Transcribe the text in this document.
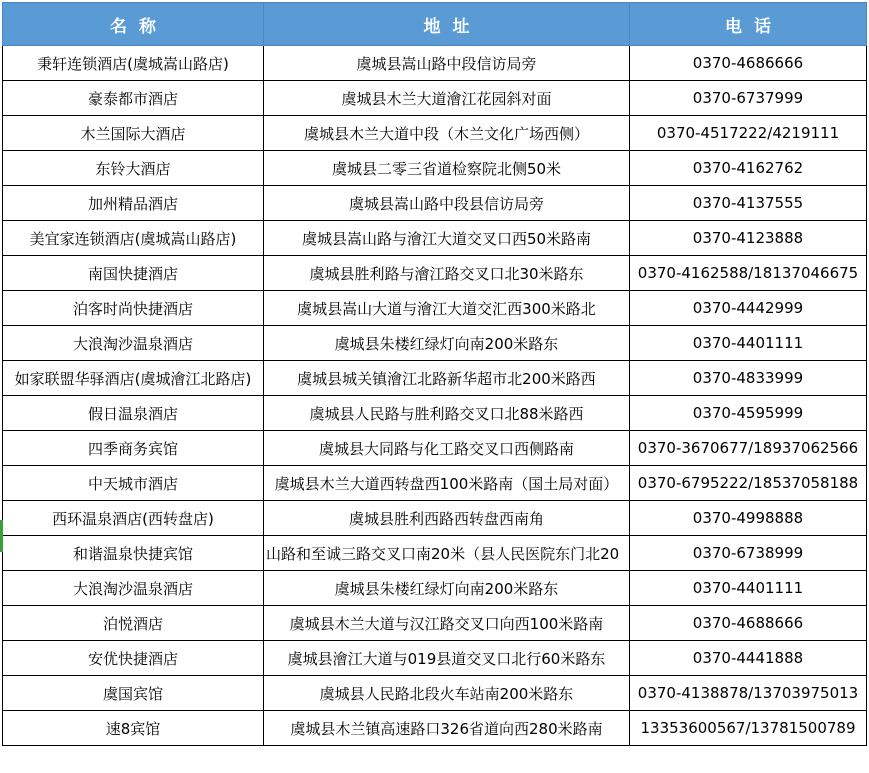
名称	地址	电话
秉轩连锁酒店(虞城嵩山路店)	虞城县嵩山路中段信访局旁	0370-4686666
豪泰都市酒店	虞城县木兰大道澮江花园斜对面	0370-6737999
木兰国际大酒店	虞城县木兰大道中段（木兰文化广场西侧）	0370-4517222/4219111
东铃大酒店	虞城县二零三省道检察院北侧50米	0370-4162762
加州精品酒店	虞城县嵩山路中段县信访局旁	0370-4137555
美宜家连锁酒店(虞城嵩山路店)	虞城县嵩山路与澮江大道交叉口西50米路南	0370-4123888
南国快捷酒店	虞城县胜利路与澮江路交叉口北30米路东	0370-4162588/18137046675
泊客时尚快捷酒店	虞城县嵩山大道与澮江大道交汇西300米路北	0370-4442999
大浪淘沙温泉酒店	虞城县朱楼红绿灯向南200米路东	0370-4401111
如家联盟华驿酒店(虞城澮江北路店)	虞城县城关镇澮江北路新华超市北200米路西	0370-4833999
假日温泉酒店	虞城县人民路与胜利路交叉口北88米路西	0370-4595999
四季商务宾馆	虞城县大同路与化工路交叉口西侧路南	0370-3670677/18937062566
中天城市酒店	虞城县木兰大道西转盘西100米路南（国土局对面）	0370-6795222/18537058188
西环温泉酒店(西转盘店)	虞城县胜利西路西转盘西南角	0370-4998888
和谐温泉快捷宾馆	山路和至诚三路交叉口南20米（县人民医院东门北20	0370-6738999
大浪淘沙温泉酒店	虞城县朱楼红绿灯向南200米路东	0370-4401111
泊悦酒店	虞城县木兰大道与汉江路交叉口向西100米路南	0370-4688666
安优快捷酒店	虞城县澮江大道与019县道交叉口北行60米路东	0370-4441888
虞国宾馆	虞城县人民路北段火车站南200米路东	0370-4138878/13703975013
速8宾馆	虞城县木兰镇高速路口326省道向西280米路南	13353600567/13781500789
